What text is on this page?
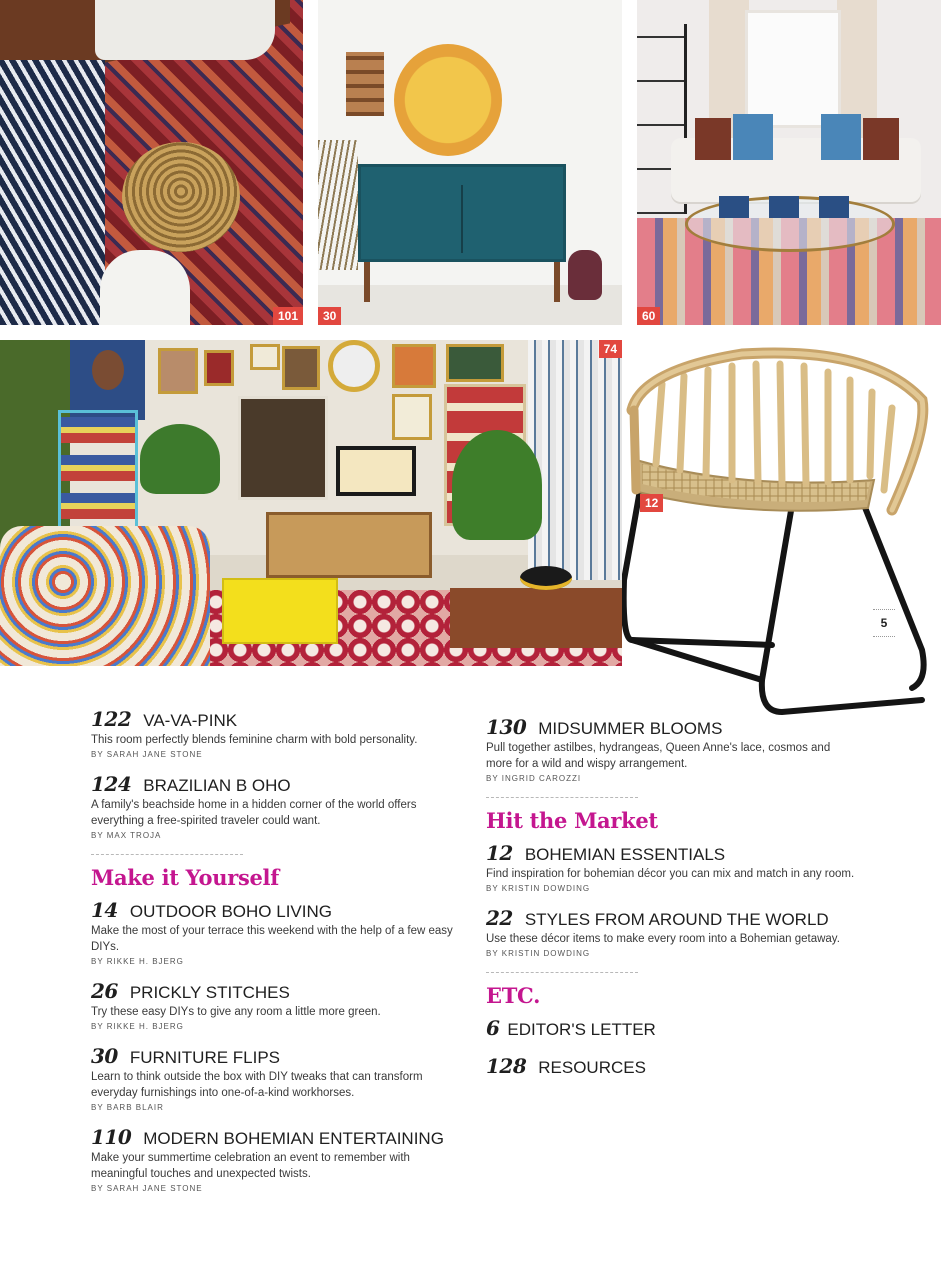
101	30	60
74
12
5
122 VA-VA-PINK
This room perfectly blends feminine charm with bold personality.
BY SARAH JANE STONE
124 BRAZILIAN B OHO
A family's beachside home in a hidden corner of the world offers everything a free-spirited traveler could want.
BY MAX TROJA
Make it Yourself
14 OUTDOOR BOHO LIVING
Make the most of your terrace this weekend with the help of a few easy DIYs.
BY RIKKE H. BJERG
26 PRICKLY STITCHES
Try these easy DIYs to give any room a little more green.
BY RIKKE H. BJERG
30 FURNITURE FLIPS
Learn to think outside the box with DIY tweaks that can transform everyday furnishings into one-of-a-kind workhorses.
BY BARB BLAIR
110 MODERN BOHEMIAN ENTERTAINING
Make your summertime celebration an event to remember with meaningful touches and unexpected twists.
BY SARAH JANE STONE
130 MIDSUMMER BLOOMS
Pull together astilbes, hydrangeas, Queen Anne's lace, cosmos and more for a wild and wispy arrangement.
BY INGRID CAROZZI
Hit the Market
12 BOHEMIAN ESSENTIALS
Find inspiration for bohemian décor you can mix and match in any room.
BY KRISTIN DOWDING
22 STYLES FROM AROUND THE WORLD
Use these décor items to make every room into a Bohemian getaway.
BY KRISTIN DOWDING
ETC.
6 EDITOR'S LETTER
128 RESOURCES
